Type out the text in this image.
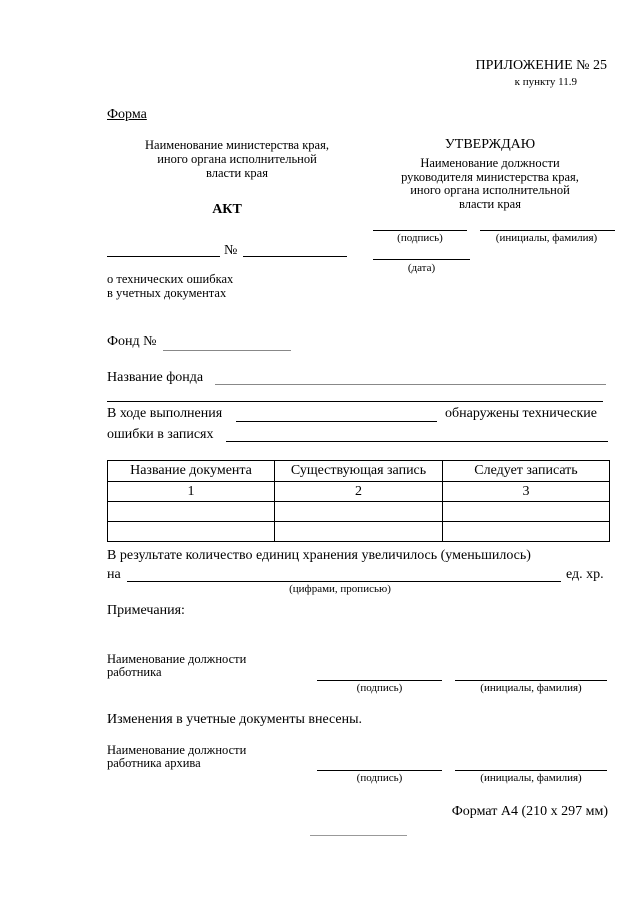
ПРИЛОЖЕНИЕ № 25
к пункту 11.9
Форма
Наименование министерства края,
иного органа исполнительной
власти края
АКТ
№
о технических ошибках
в учетных документах
УТВЕРЖДАЮ
Наименование должности
руководителя министерства края,
иного органа исполнительной
власти края
(подпись)	(инициалы, фамилия)
(дата)
Фонд №
Название фонда
В ходе выполнения	обнаружены технические
ошибки в записях
Название документа	Существующая запись	Следует записать
1	2	3

В результате количество единиц хранения увеличилось (уменьшилось)
на	ед. хр.
(цифрами, прописью)
Примечания:
Наименование должности
работника
(подпись)	(инициалы, фамилия)
Изменения в учетные документы внесены.
Наименование должности
работника архива
(подпись)	(инициалы, фамилия)
Формат А4 (210 х 297 мм)
